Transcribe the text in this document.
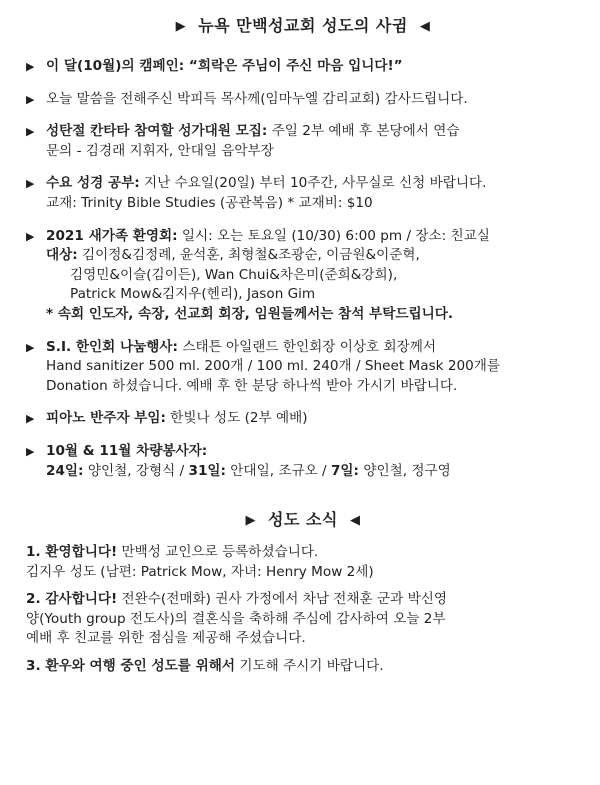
▶ 뉴욕 만백성교회 성도의 사귐 ◀
▶ 이 달(10월)의 캠페인: “희락은 주님이 주신 마음 입니다!”
▶ 오늘 말씀을 전해주신 박피득 목사께(임마누엘 감리교회) 감사드립니다.
▶ 성탄절 칸타타 참여할 성가대원 모집: 주일 2부 예배 후 본당에서 연습
문의 - 김경래 지휘자, 안대일 음악부장
▶ 수요 성경 공부: 지난 수요일(20일) 부터 10주간, 사무실로 신청 바랍니다.
교재: Trinity Bible Studies (공관복음) * 교재비: $10
▶ 2021 새가족 환영회: 일시: 오는 토요일 (10/30) 6:00 pm / 장소: 친교실
대상: 김이정&김정례, 윤석훈, 최형철&조광순, 이금원&이준혁,
김영민&이슬(김이든), Wan Chui&차은미(준희&강희),
Patrick Mow&김지우(헨리), Jason Gim
* 속회 인도자, 속장, 선교회 회장, 임원들께서는 참석 부탁드립니다.
▶ S.I. 한인회 나눔행사: 스태튼 아일랜드 한인회장 이상호 회장께서
Hand sanitizer 500 ml. 200개 / 100 ml. 240개 / Sheet Mask 200개를
Donation 하셨습니다. 예배 후 한 분당 하나씩 받아 가시기 바랍니다.
▶ 피아노 반주자 부임: 한빛나 성도 (2부 예배)
▶ 10월 & 11월 차량봉사자:
24일: 양인철, 강형식 / 31일: 안대일, 조규오 / 7일: 양인철, 정구영
▶ 성도 소식 ◀
1. 환영합니다! 만백성 교인으로 등록하셨습니다.
김지우 성도 (남편: Patrick Mow, 자녀: Henry Mow 2세)
2. 감사합니다! 전완수(전매화) 권사 가정에서 차남 전채훈 군과 박신영
양(Youth group 전도사)의 결혼식을 축하해 주심에 감사하여 오늘 2부
예배 후 친교를 위한 점심을 제공해 주셨습니다.
3. 환우와 여행 중인 성도를 위해서 기도해 주시기 바랍니다.
